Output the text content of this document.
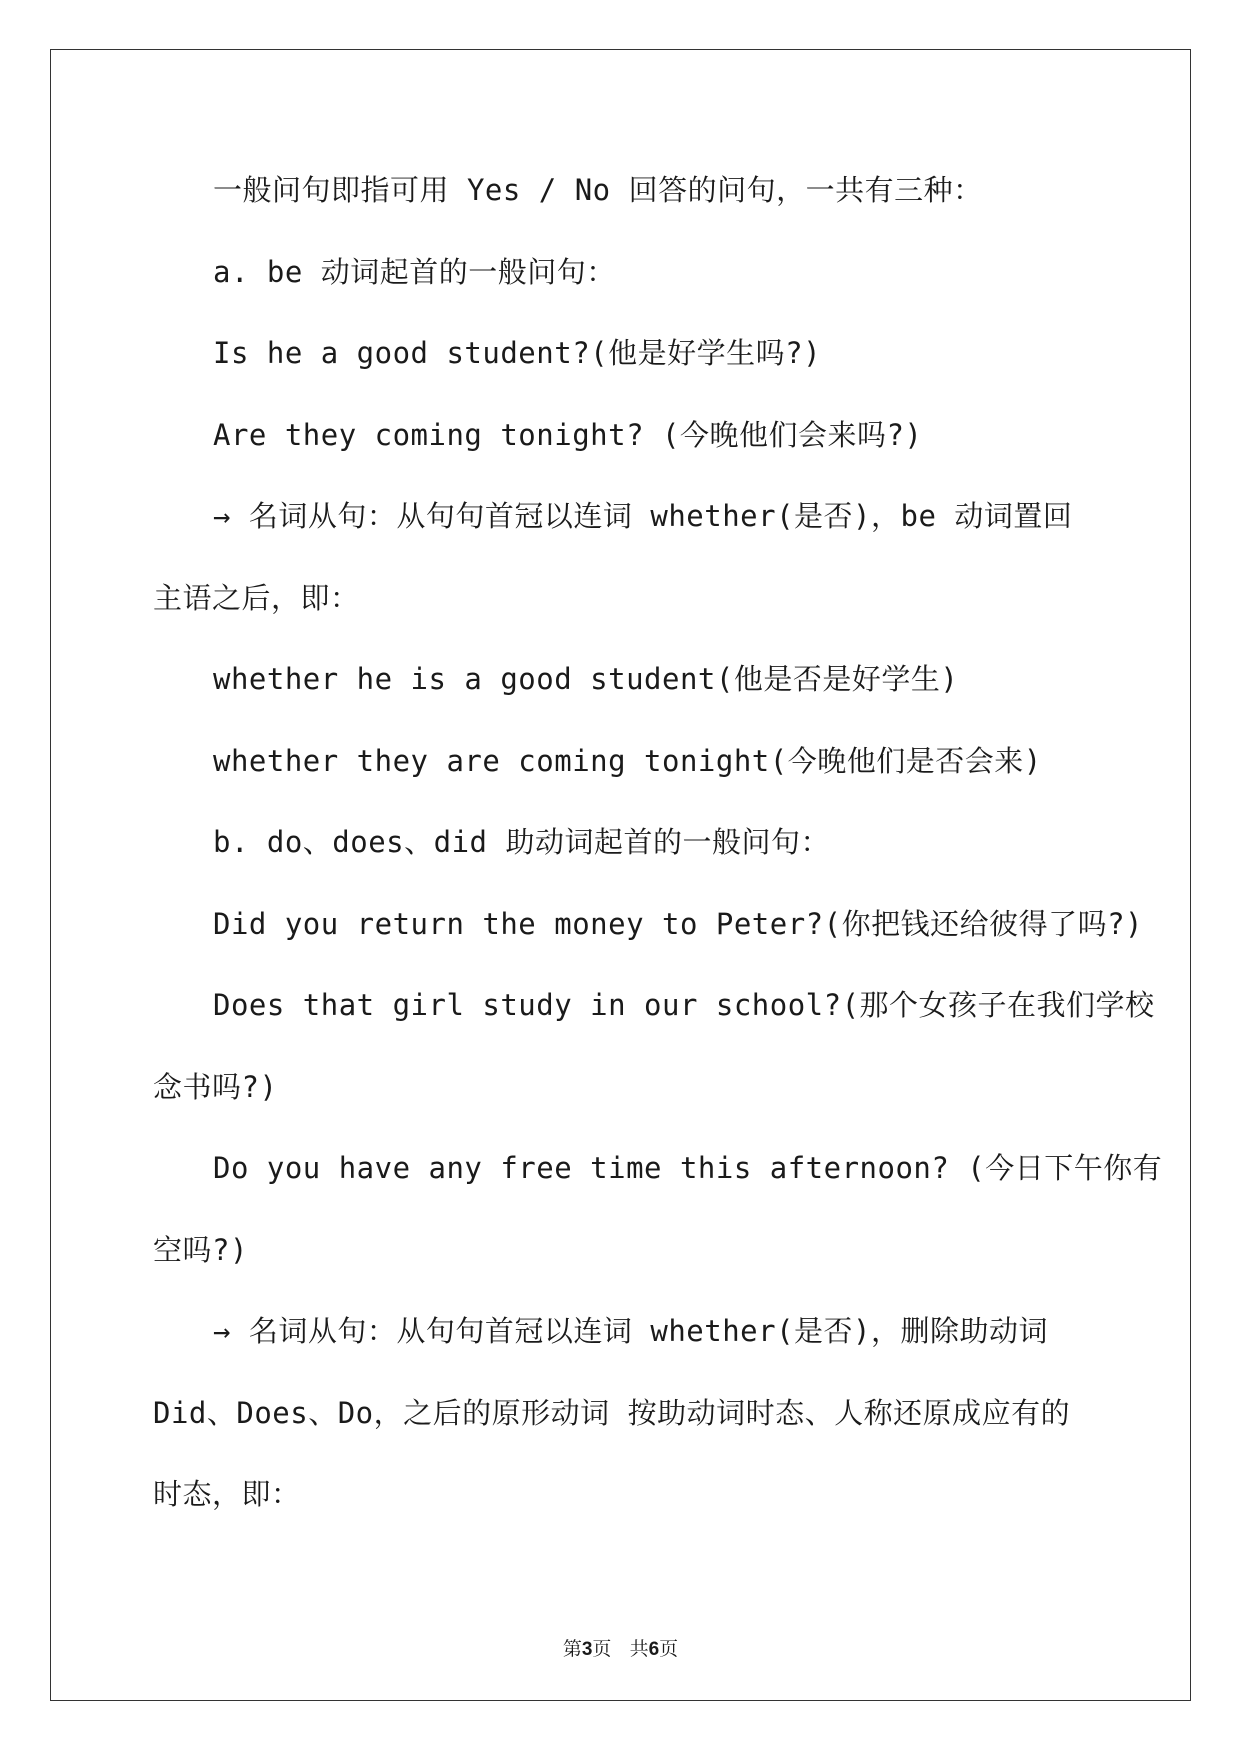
一般问句即指可用 Yes / No 回答的问句，一共有三种：
a. be 动词起首的一般问句：
Is he a good student?(他是好学生吗?)
Are they coming tonight? (今晚他们会来吗?)
→ 名词从句：从句句首冠以连词 whether(是否)，be 动词置回
主语之后，即：
whether he is a good student(他是否是好学生)
whether they are coming tonight(今晚他们是否会来)
b. do、does、did 助动词起首的一般问句：
Did you return the money to Peter?(你把钱还给彼得了吗?)
Does that girl study in our school?(那个女孩子在我们学校
念书吗?)
Do you have any free time this afternoon? (今日下午你有
空吗?)
→ 名词从句：从句句首冠以连词 whether(是否)，删除助动词
Did、Does、Do，之后的原形动词 按助动词时态、人称还原成应有的
时态，即：
第3页 共6页
